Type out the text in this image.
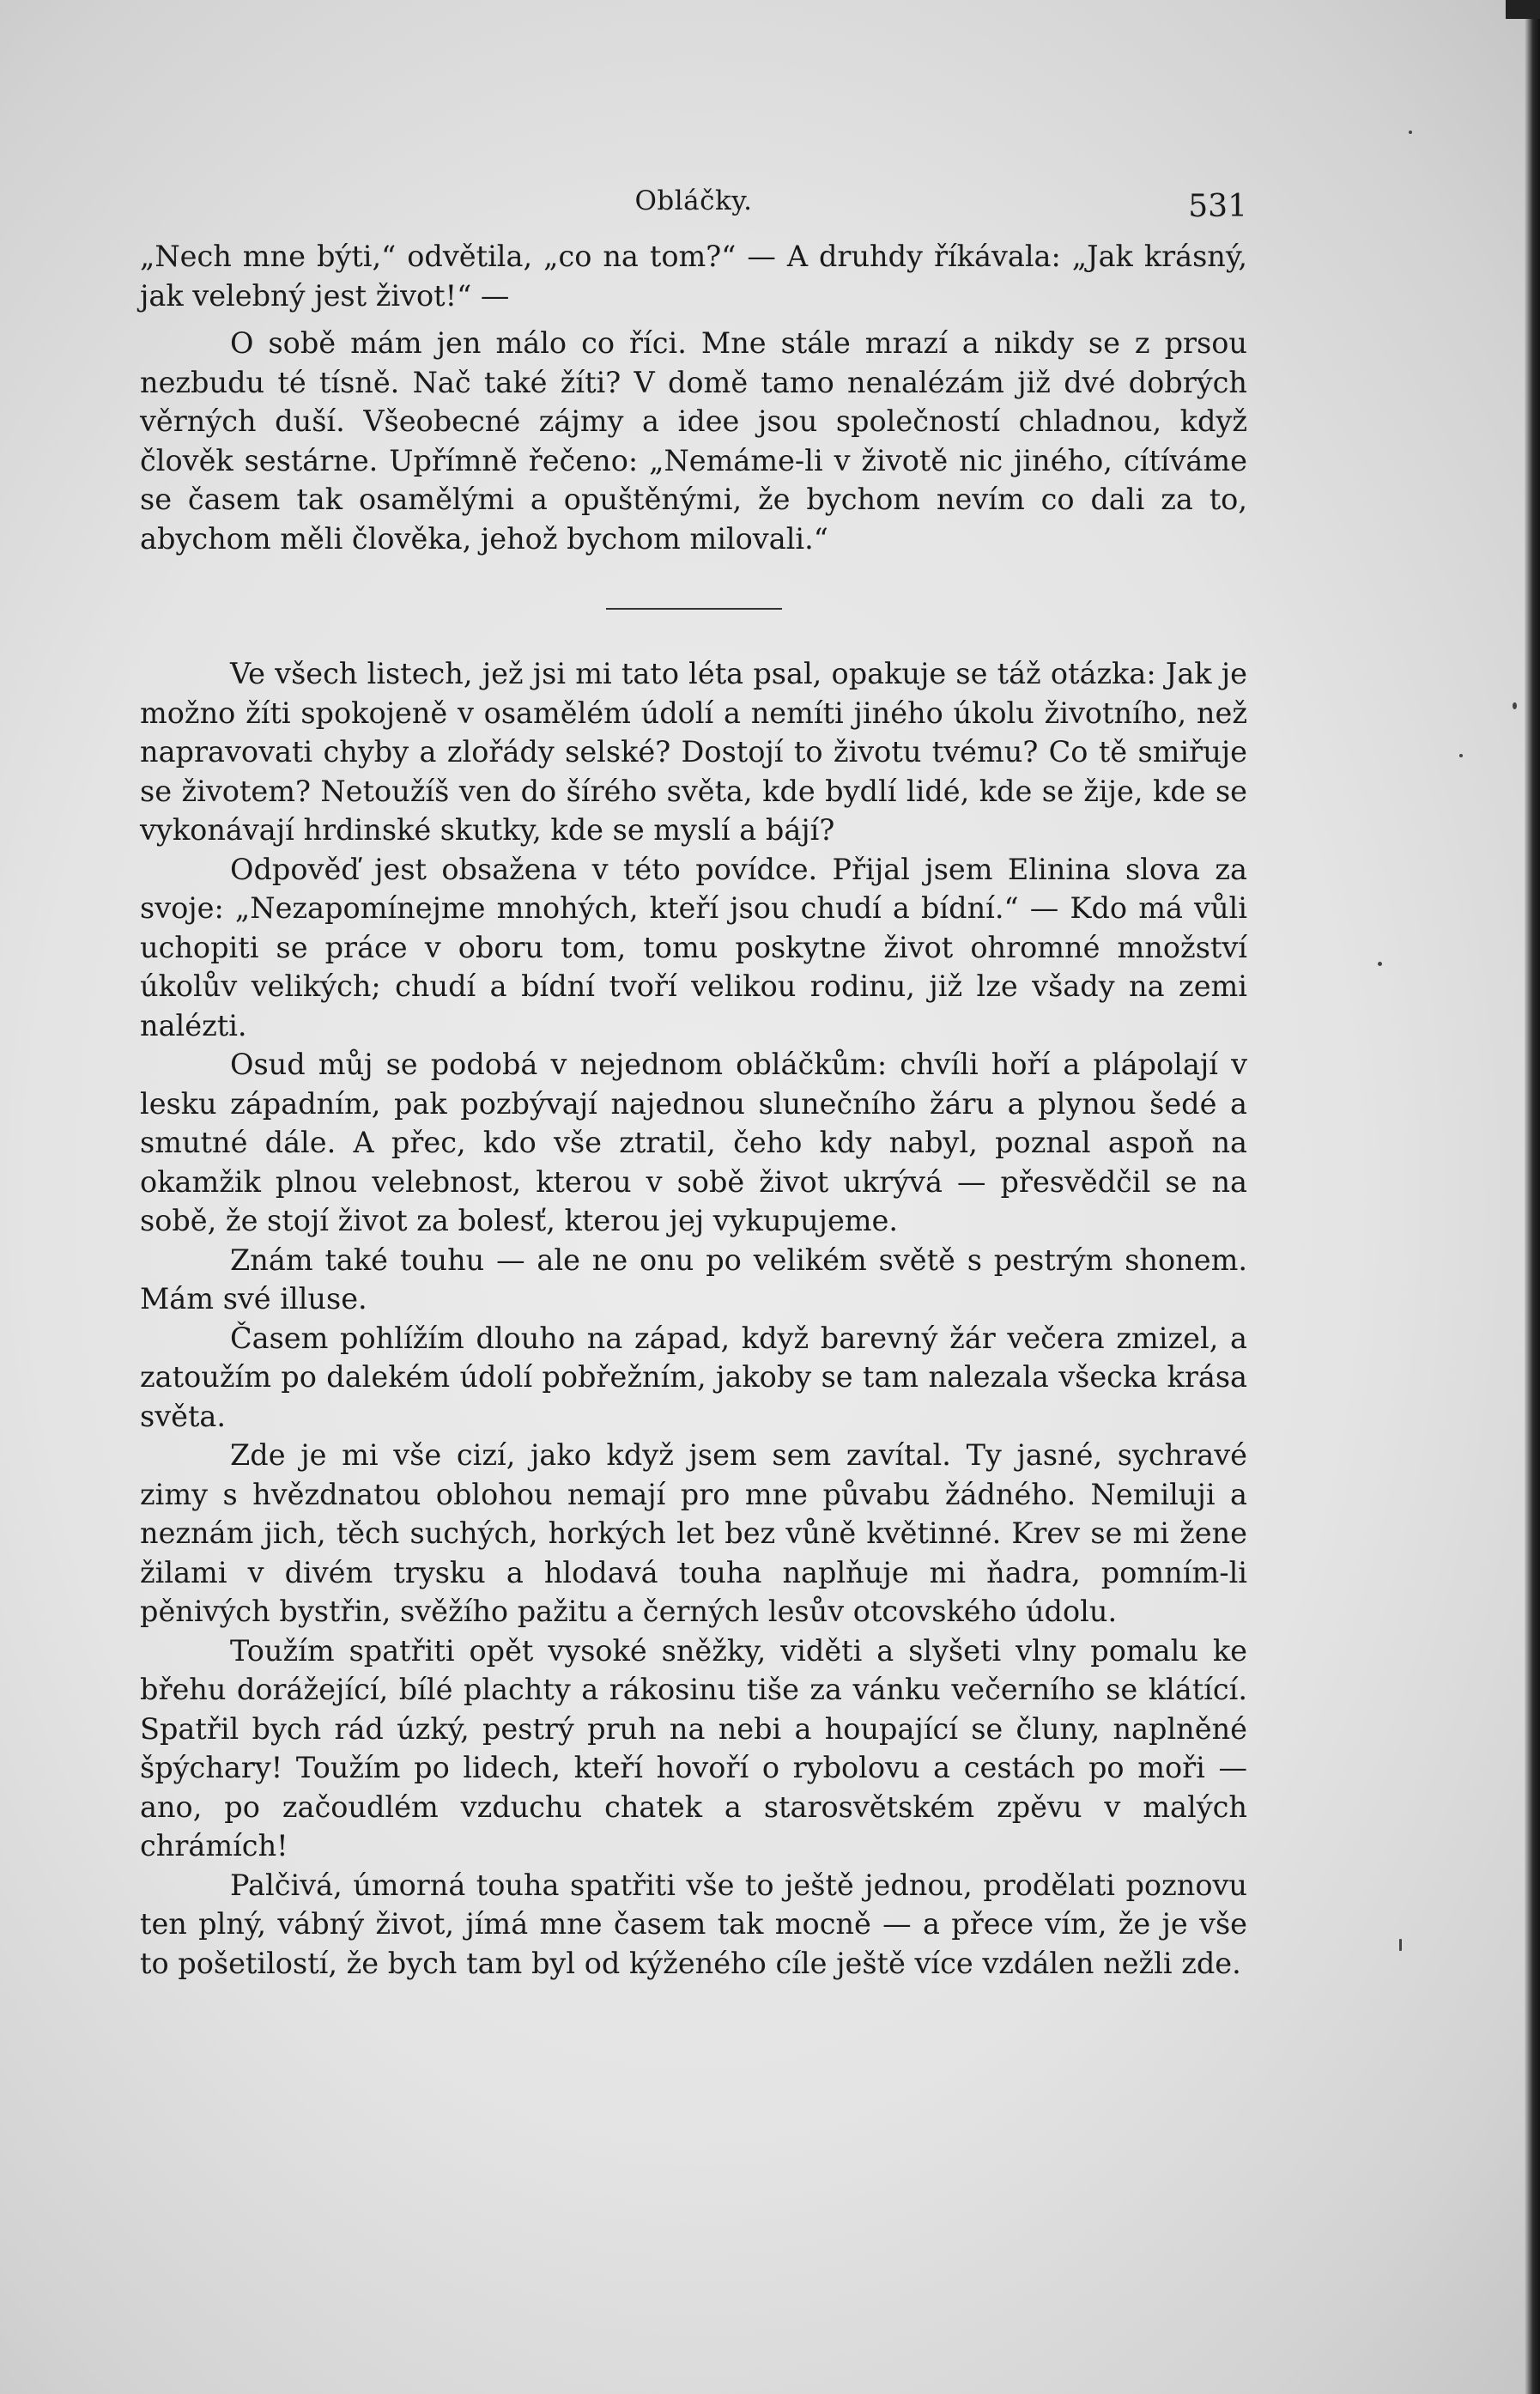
Obláčky.	531

„Nech mne býti,“ odvětila, „co na tom?“ — A druhdy říkávala: „Jak krásný, jak velebný jest život!“ —

O sobě mám jen málo co říci. Mne stále mrazí a nikdy se z prsou nezbudu té tísně. Nač také žíti? V domě tamo nenalézám již dvé dobrých věrných duší. Všeobecné zájmy a idee jsou společností chladnou, když člověk sestárne. Upřímně řečeno: „Nemáme-li v životě nic jiného, cítíváme se časem tak osamělými a opuštěnými, že bychom nevím co dali za to, abychom měli člověka, jehož bychom milovali.“

Ve všech listech, jež jsi mi tato léta psal, opakuje se táž otázka: Jak je možno žíti spokojeně v osamělém údolí a nemíti jiného úkolu životního, než napravovati chyby a zlořády selské? Dostojí to životu tvému? Co tě smiřuje se životem? Netoužíš ven do šírého světa, kde bydlí lidé, kde se žije, kde se vykonávají hrdinské skutky, kde se myslí a bájí?

Odpověď jest obsažena v této povídce. Přijal jsem Elinina slova za svoje: „Nezapomínejme mnohých, kteří jsou chudí a bídní.“ — Kdo má vůli uchopiti se práce v oboru tom, tomu poskytne život ohromné množství úkolův velikých; chudí a bídní tvoří velikou rodinu, již lze všady na zemi nalézti.

Osud můj se podobá v nejednom obláčkům: chvíli hoří a plápolají v lesku západním, pak pozbývají najednou slunečního žáru a plynou šedé a smutné dále. A přec, kdo vše ztratil, čeho kdy nabyl, poznal aspoň na okamžik plnou velebnost, kterou v sobě život ukrývá — přesvědčil se na sobě, že stojí život za bolesť, kterou jej vykupujeme.

Znám také touhu — ale ne onu po velikém světě s pestrým shonem. Mám své illuse.

Časem pohlížím dlouho na západ, když barevný žár večera zmizel, a zatoužím po dalekém údolí pobřežním, jakoby se tam nalezala všecka krása světa.

Zde je mi vše cizí, jako když jsem sem zavítal. Ty jasné, sychravé zimy s hvězdnatou oblohou nemají pro mne půvabu žádného. Nemiluji a neznám jich, těch suchých, horkých let bez vůně květinné. Krev se mi žene žilami v divém trysku a hlodavá touha naplňuje mi ňadra, pomním-li pěnivých bystřin, svěžího pažitu a černých lesův otcovského údolu.

Toužím spatřiti opět vysoké sněžky, viděti a slyšeti vlny pomalu ke břehu dorážející, bílé plachty a rákosinu tiše za vánku večerního se klátící. Spatřil bych rád úzký, pestrý pruh na nebi a houpající se čluny, naplněné špýchary! Toužím po lidech, kteří hovoří o rybolovu a cestách po moři — ano, po začoudlém vzduchu chatek a starosvětském zpěvu v malých chrámích!

Palčivá, úmorná touha spatřiti vše to ještě jednou, prodělati poznovu ten plný, vábný život, jímá mne časem tak mocně — a přece vím, že je vše to pošetilostí, že bych tam byl od kýženého cíle ještě více vzdálen nežli zde.
